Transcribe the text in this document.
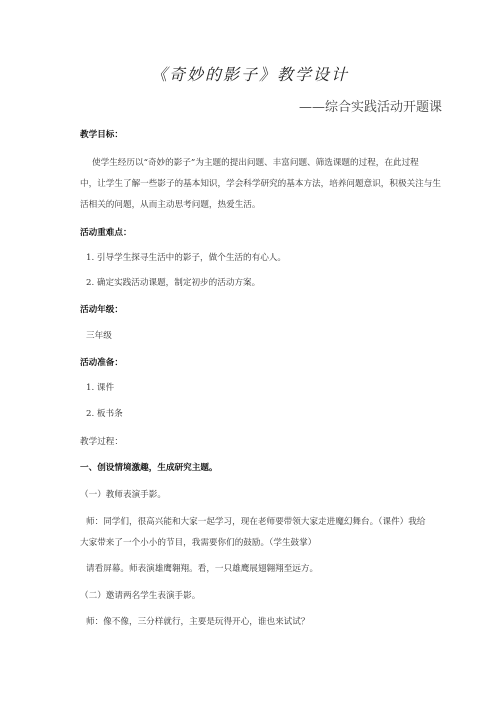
《奇妙的影子》教学设计
——综合实践活动开题课
教学目标：
使学生经历以“奇妙的影子”为主题的提出问题、丰富问题、筛选课题的过程，在此过程
中，让学生了解一些影子的基本知识，学会科学研究的基本方法，培养问题意识，积极关注与生
活相关的问题，从而主动思考问题，热爱生活。
活动重难点：
1. 引导学生探寻生活中的影子，做个生活的有心人。
2. 确定实践活动课题，制定初步的活动方案。
活动年级：
三年级
活动准备：
1. 课件
2. 板书条
教学过程：
一、创设情境激趣，生成研究主题。
（一）教师表演手影。
师：同学们，很高兴能和大家一起学习，现在老师要带领大家走进魔幻舞台。（课件）我给
大家带来了一个小小的节目，我需要你们的鼓励。（学生鼓掌）
请看屏幕。师表演雄鹰翱翔。看，一只雄鹰展翅翱翔至远方。
（二）邀请两名学生表演手影。
师：像不像，三分样就行，主要是玩得开心，谁也来试试？
